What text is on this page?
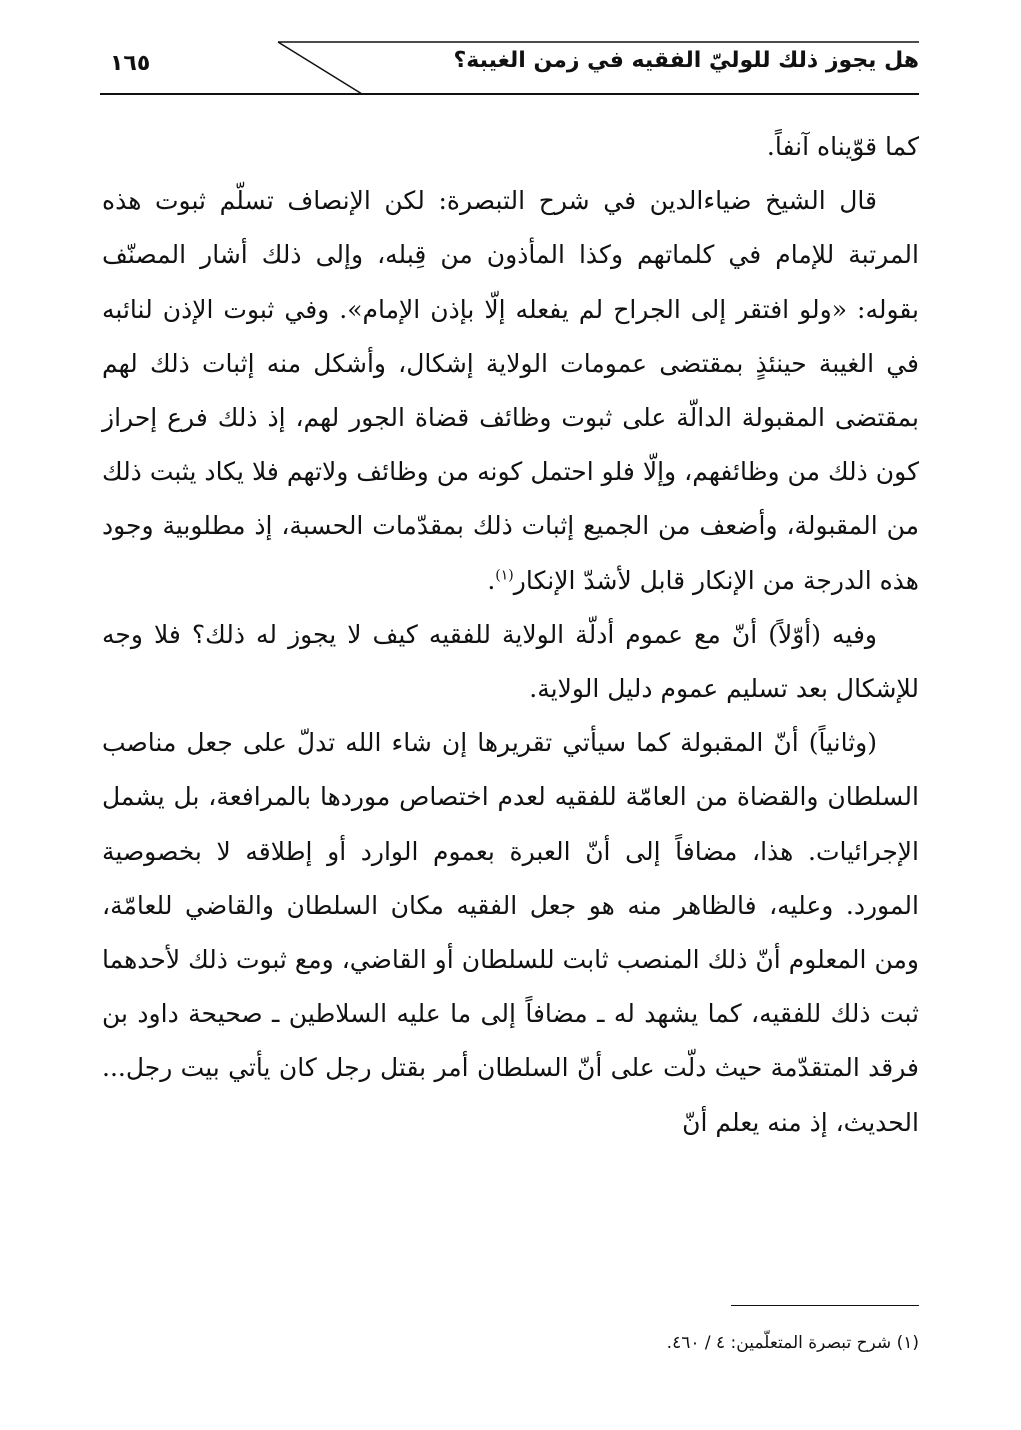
هل يجوز ذلك للوليّ الفقيه في زمن الغيبة؟
١٦٥

كما قوّيناه آنفاً.

قال الشيخ ضياءالدين في شرح التبصرة: لكن الإنصاف تسلّم ثبوت هذه المرتبة للإمام في كلماتهم وكذا المأذون من قِبله، وإلى ذلك أشار المصنّف بقوله: «ولو افتقر إلى الجراح لم يفعله إلّا بإذن الإمام». وفي ثبوت الإذن لنائبه في الغيبة حينئذٍ بمقتضى عمومات الولاية إشكال، وأشكل منه إثبات ذلك لهم بمقتضى المقبولة الدالّة على ثبوت وظائف قضاة الجور لهم، إذ ذلك فرع إحراز كون ذلك من وظائفهم، وإلّا فلو احتمل كونه من وظائف ولاتهم فلا يكاد يثبت ذلك من المقبولة، وأضعف من الجميع إثبات ذلك بمقدّمات الحسبة، إذ مطلوبية وجود هذه الدرجة من الإنكار قابل لأشدّ الإنكار$^{(١)}$.

وفيه (أوّلاً) أنّ مع عموم أدلّة الولاية للفقيه كيف لا يجوز له ذلك؟ فلا وجه للإشكال بعد تسليم عموم دليل الولاية.

(وثانياً) أنّ المقبولة كما سيأتي تقريرها إن شاء الله تدلّ على جعل مناصب السلطان والقضاة من العامّة للفقيه لعدم اختصاص موردها بالمرافعة، بل يشمل الإجرائيات. هذا، مضافاً إلى أنّ العبرة بعموم الوارد أو إطلاقه لا بخصوصية المورد. وعليه، فالظاهر منه هو جعل الفقيه مكان السلطان والقاضي للعامّة، ومن المعلوم أنّ ذلك المنصب ثابت للسلطان أو القاضي، ومع ثبوت ذلك لأحدهما ثبت ذلك للفقيه، كما يشهد له ـ مضافاً إلى ما عليه السلاطين ـ صحيحة داود بن فرقد المتقدّمة حيث دلّت على أنّ السلطان أمر بقتل رجل كان يأتي بيت رجل... الحديث، إذ منه يعلم أنّ

(١) شرح تبصرة المتعلّمين: ٤ / ٤٦٠.
